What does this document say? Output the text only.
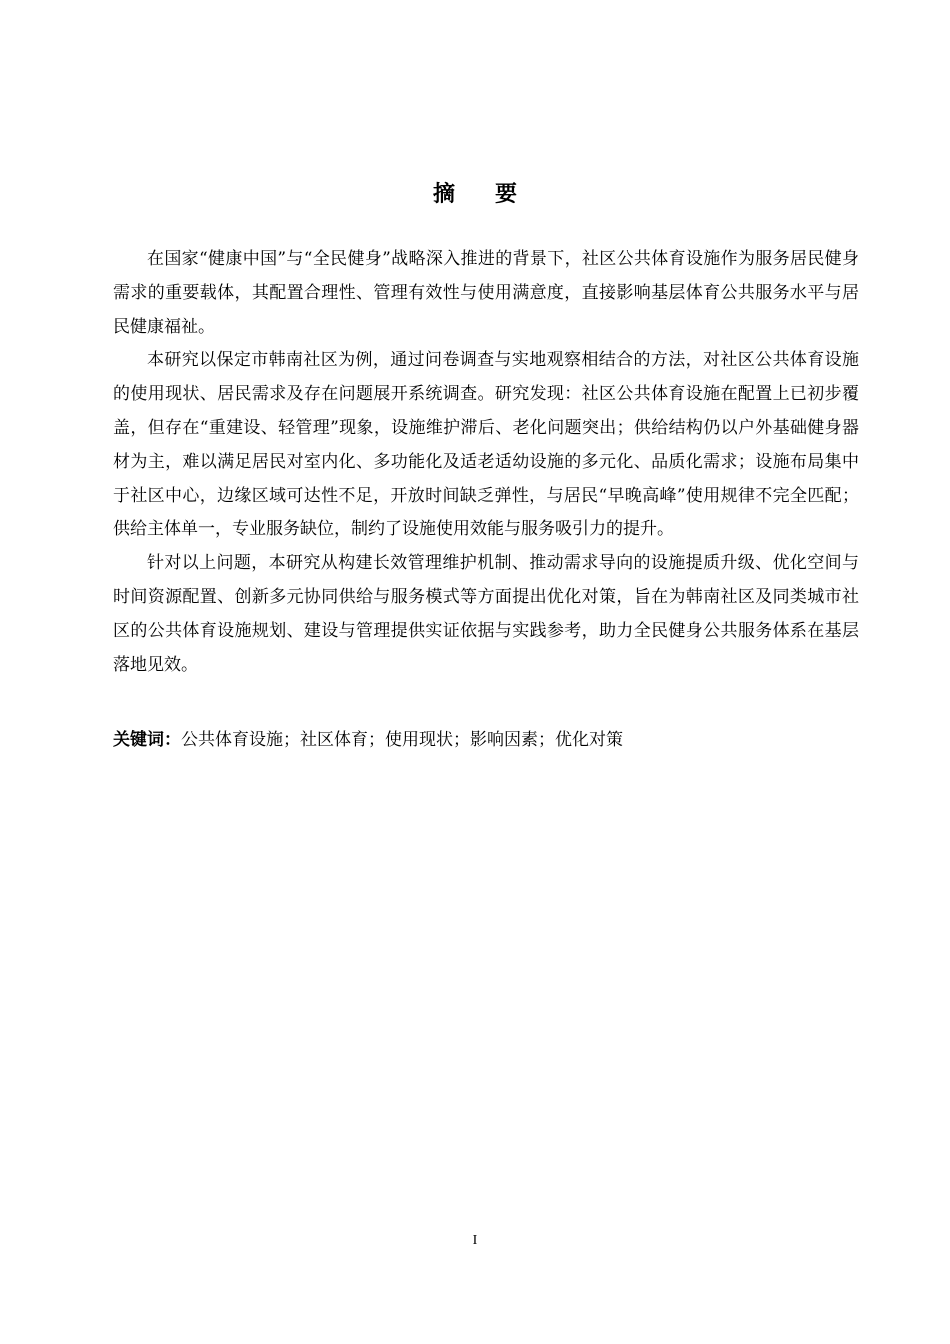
摘 要

在国家“健康中国”与“全民健身”战略深入推进的背景下，社区公共体育设施作为服务居民健身需求的重要载体，其配置合理性、管理有效性与使用满意度，直接影响基层体育公共服务水平与居民健康福祉。

本研究以保定市韩南社区为例，通过问卷调查与实地观察相结合的方法，对社区公共体育设施的使用现状、居民需求及存在问题展开系统调查。研究发现：社区公共体育设施在配置上已初步覆盖，但存在“重建设、轻管理”现象，设施维护滞后、老化问题突出；供给结构仍以户外基础健身器材为主，难以满足居民对室内化、多功能化及适老适幼设施的多元化、品质化需求；设施布局集中于社区中心，边缘区域可达性不足，开放时间缺乏弹性，与居民“早晚高峰”使用规律不完全匹配；供给主体单一，专业服务缺位，制约了设施使用效能与服务吸引力的提升。

针对以上问题，本研究从构建长效管理维护机制、推动需求导向的设施提质升级、优化空间与时间资源配置、创新多元协同供给与服务模式等方面提出优化对策，旨在为韩南社区及同类城市社区的公共体育设施规划、建设与管理提供实证依据与实践参考，助力全民健身公共服务体系在基层落地见效。

关键词：公共体育设施；社区体育；使用现状；影响因素；优化对策
I
